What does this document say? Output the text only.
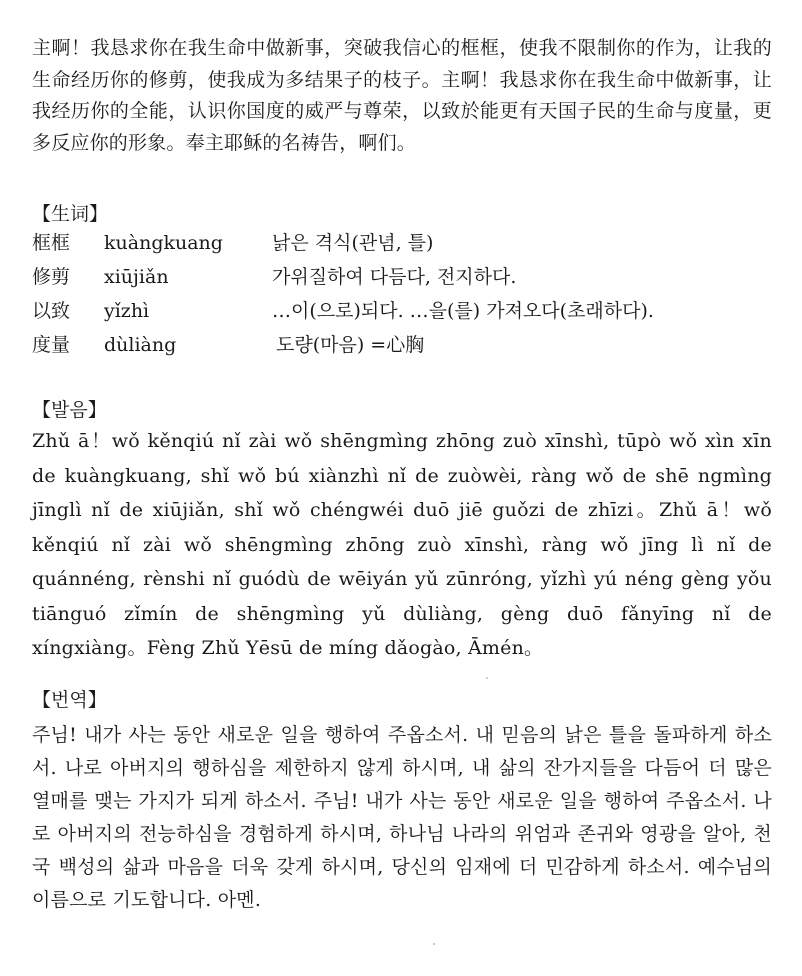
主啊！我恳求你在我生命中做新事，突破我信心的框框，使我不限制你的作为，让我的生命经历你的修剪，使我成为多结果子的枝子。主啊！我恳求你在我生命中做新事，让我经历你的全能，认识你国度的威严与尊荣，以致於能更有天国子民的生命与度量，更多反应你的形象。奉主耶稣的名祷告，啊们。
【生词】
框框 kuàngkuang	낡은 격식(관념, 틀)
修剪 xiūjiǎn	가위질하여 다듬다, 전지하다.
以致 yǐzhì	…이(으로)되다. …을(를) 가져오다(초래하다).
度量 dùliàng	도량(마음) =心胸
【발음】
Zhǔ ā！wǒ kěnqiú nǐ zài wǒ shēngmìng zhōng zuò xīnshì, tūpò wǒ xìn xīn de kuàngkuang, shǐ wǒ bú xiànzhì nǐ de zuòwèi, ràng wǒ de shē ngmìng jīnglì nǐ de xiūjiǎn, shǐ wǒ chéngwéi duō jiē guǒzi de zhīzi。Zhǔ ā！wǒ kěnqiú nǐ zài wǒ shēngmìng zhōng zuò xīnshì, ràng wǒ jīng lì nǐ de quánnéng, rènshi nǐ guódù de wēiyán yǔ zūnróng, yǐzhì yú néng gèng yǒu tiānguó zǐmín de shēngmìng yǔ dùliàng, gèng duō fǎnyīng nǐ de xíngxiàng。Fèng Zhǔ Yēsū de míng dǎogào, Āmén。
【번역】
주님! 내가 사는 동안 새로운 일을 행하여 주옵소서. 내 믿음의 낡은 틀을 돌파하게 하소서. 나로 아버지의 행하심을 제한하지 않게 하시며, 내 삶의 잔가지들을 다듬어 더 많은 열매를 맺는 가지가 되게 하소서. 주님! 내가 사는 동안 새로운 일을 행하여 주옵소서. 나로 아버지의 전능하심을 경험하게 하시며, 하나님 나라의 위엄과 존귀와 영광을 알아, 천국 백성의 삶과 마음을 더욱 갖게 하시며, 당신의 임재에 더 민감하게 하소서. 예수님의 이름으로 기도합니다. 아멘.
